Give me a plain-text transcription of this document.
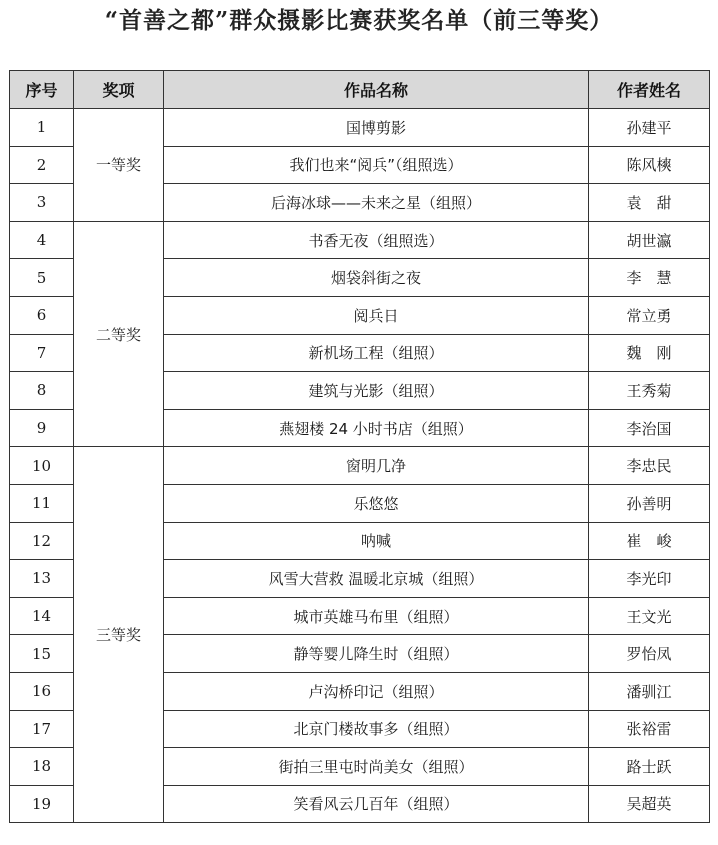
“首善之都”群众摄影比赛获奖名单（前三等奖）
序号	奖项	作品名称	作者姓名
1	一等奖	国博剪影	孙建平
2		我们也来“阅兵”（组照选）	陈风樉
3		后海冰球——未来之星（组照）	袁　甜
4	二等奖	书香无夜（组照选）	胡世瀛
5		烟袋斜街之夜	李　慧
6		阅兵日	常立勇
7		新机场工程（组照）	魏　刚
8		建筑与光影（组照）	王秀菊
9		燕翅楼 24 小时书店（组照）	李治国
10	三等奖	窗明几净	李忠民
11		乐悠悠	孙善明
12		呐喊	崔　峻
13		风雪大营救 温暖北京城（组照）	李光印
14		城市英雄马布里（组照）	王文光
15		静等婴儿降生时（组照）	罗怡凤
16		卢沟桥印记（组照）	潘驯江
17		北京门楼故事多（组照）	张裕雷
18		街拍三里屯时尚美女（组照）	路士跃
19		笑看风云几百年（组照）	吴超英
